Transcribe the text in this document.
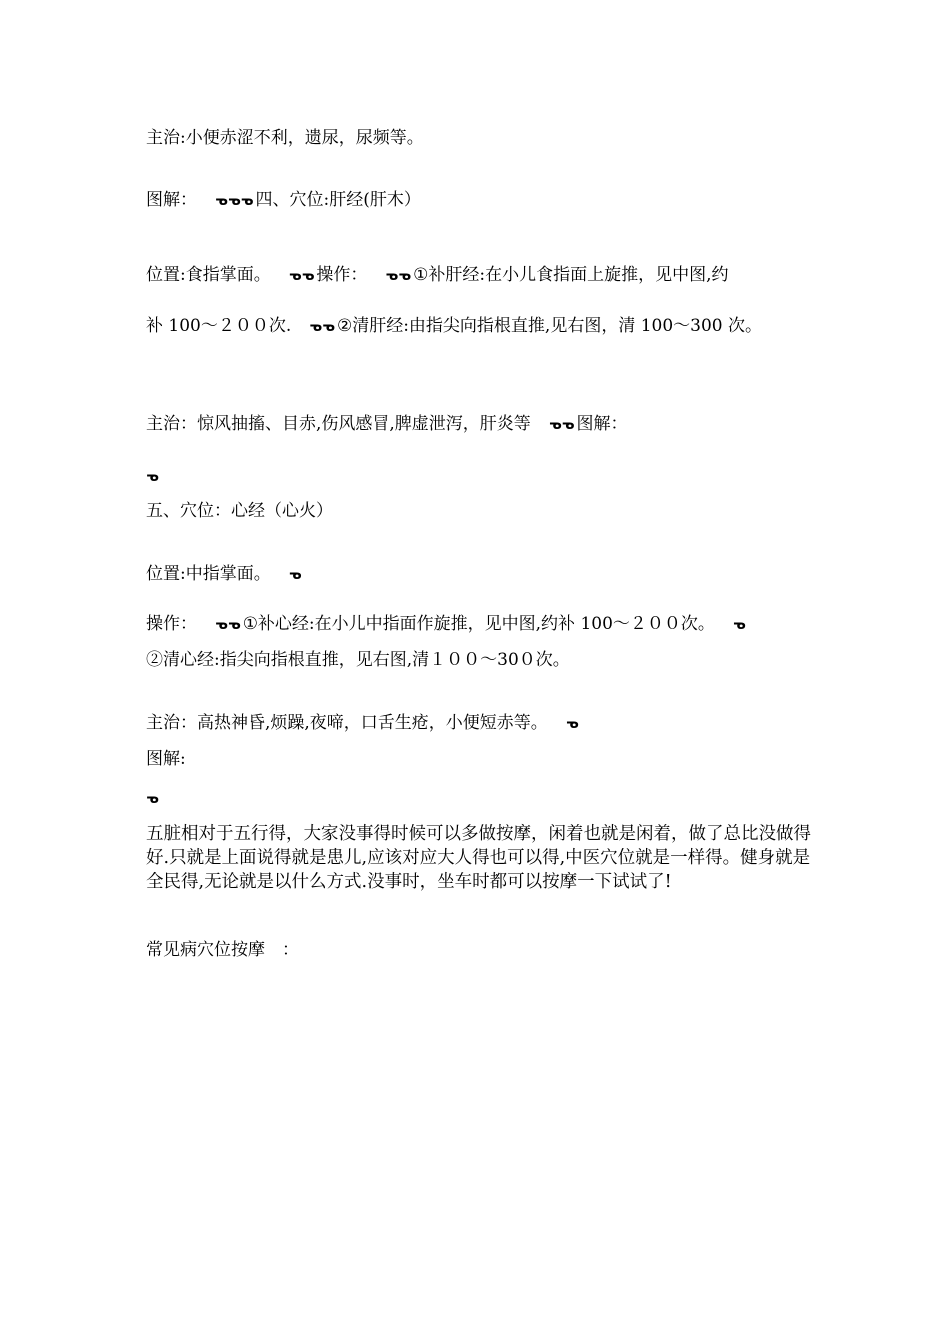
主治:小便赤涩不利，遗尿，尿频等。

图解： ᓀᓀᓀ 四、穴位:肝经(肝木）

位置:食指掌面。 ᓀᓀ 操作： ᓀᓀ ①补肝经:在小儿食指面上旋推，见中图,约

补 100～２００次. ᓀᓀ ②清肝经:由指尖向指根直推,见右图，清 100～300 次。

主治：惊风抽搐、目赤,伤风感冒,脾虚泄泻，肝炎等 ᓀᓀ 图解：

ᓀ

五、穴位：心经（心火）

位置:中指掌面。 ᓀ

操作： ᓀᓀ ①补心经:在小儿中指面作旋推，见中图,约补 100～２００次。 ᓀ

②清心经:指尖向指根直推，见右图,清１００～30０次。

主治：高热神昏,烦躁,夜啼，口舌生疮，小便短赤等。 ᓀ

图解:

ᓀ

五脏相对于五行得，大家没事得时候可以多做按摩，闲着也就是闲着，做了总比没做得好.只就是上面说得就是患儿,应该对应大人得也可以得,中医穴位就是一样得。健身就是全民得,无论就是以什么方式.没事时，坐车时都可以按摩一下试试了!

常见病穴位按摩　：
